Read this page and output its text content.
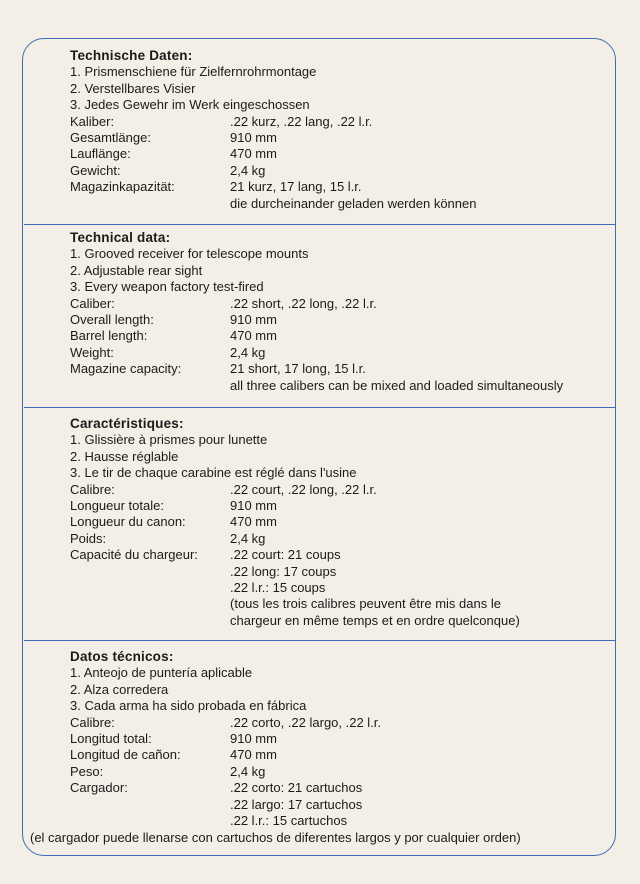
Technische Daten:
1. Prismenschiene für Zielfernrohrmontage
2. Verstellbares Visier
3. Jedes Gewehr im Werk eingeschossen
Kaliber:	.22 kurz, .22 lang, .22 l.r.
Gesamtlänge:	910 mm
Lauflänge:	470 mm
Gewicht:	2,4 kg
Magazinkapazität:	21 kurz, 17 lang, 15 l.r.
die durcheinander geladen werden können
Technical data:
1. Grooved receiver for telescope mounts
2. Adjustable rear sight
3. Every weapon factory test-fired
Caliber:	.22 short, .22 long, .22 l.r.
Overall length:	910 mm
Barrel length:	470 mm
Weight:	2,4 kg
Magazine capacity:	21 short, 17 long, 15 l.r.
all three calibers can be mixed and loaded simultaneously
Caractéristiques:
1. Glissière à prismes pour lunette
2. Hausse réglable
3. Le tir de chaque carabine est réglé dans l'usine
Calibre:	.22 court, .22 long, .22 l.r.
Longueur totale:	910 mm
Longueur du canon:	470 mm
Poids:	2,4 kg
Capacité du chargeur:	.22 court: 21 coups
.22 long: 17 coups
.22 l.r.: 15 coups
(tous les trois calibres peuvent être mis dans le
chargeur en même temps et en ordre quelconque)
Datos técnicos:
1. Anteojo de puntería aplicable
2. Alza corredera
3. Cada arma ha sido probada en fábrica
Calibre:	.22 corto, .22 largo, .22 l.r.
Longitud total:	910 mm
Longitud de cañon:	470 mm
Peso:	2,4 kg
Cargador:	.22 corto: 21 cartuchos
.22 largo: 17 cartuchos
.22 l.r.: 15 cartuchos
(el cargador puede llenarse con cartuchos de diferentes largos y por cualquier orden)
